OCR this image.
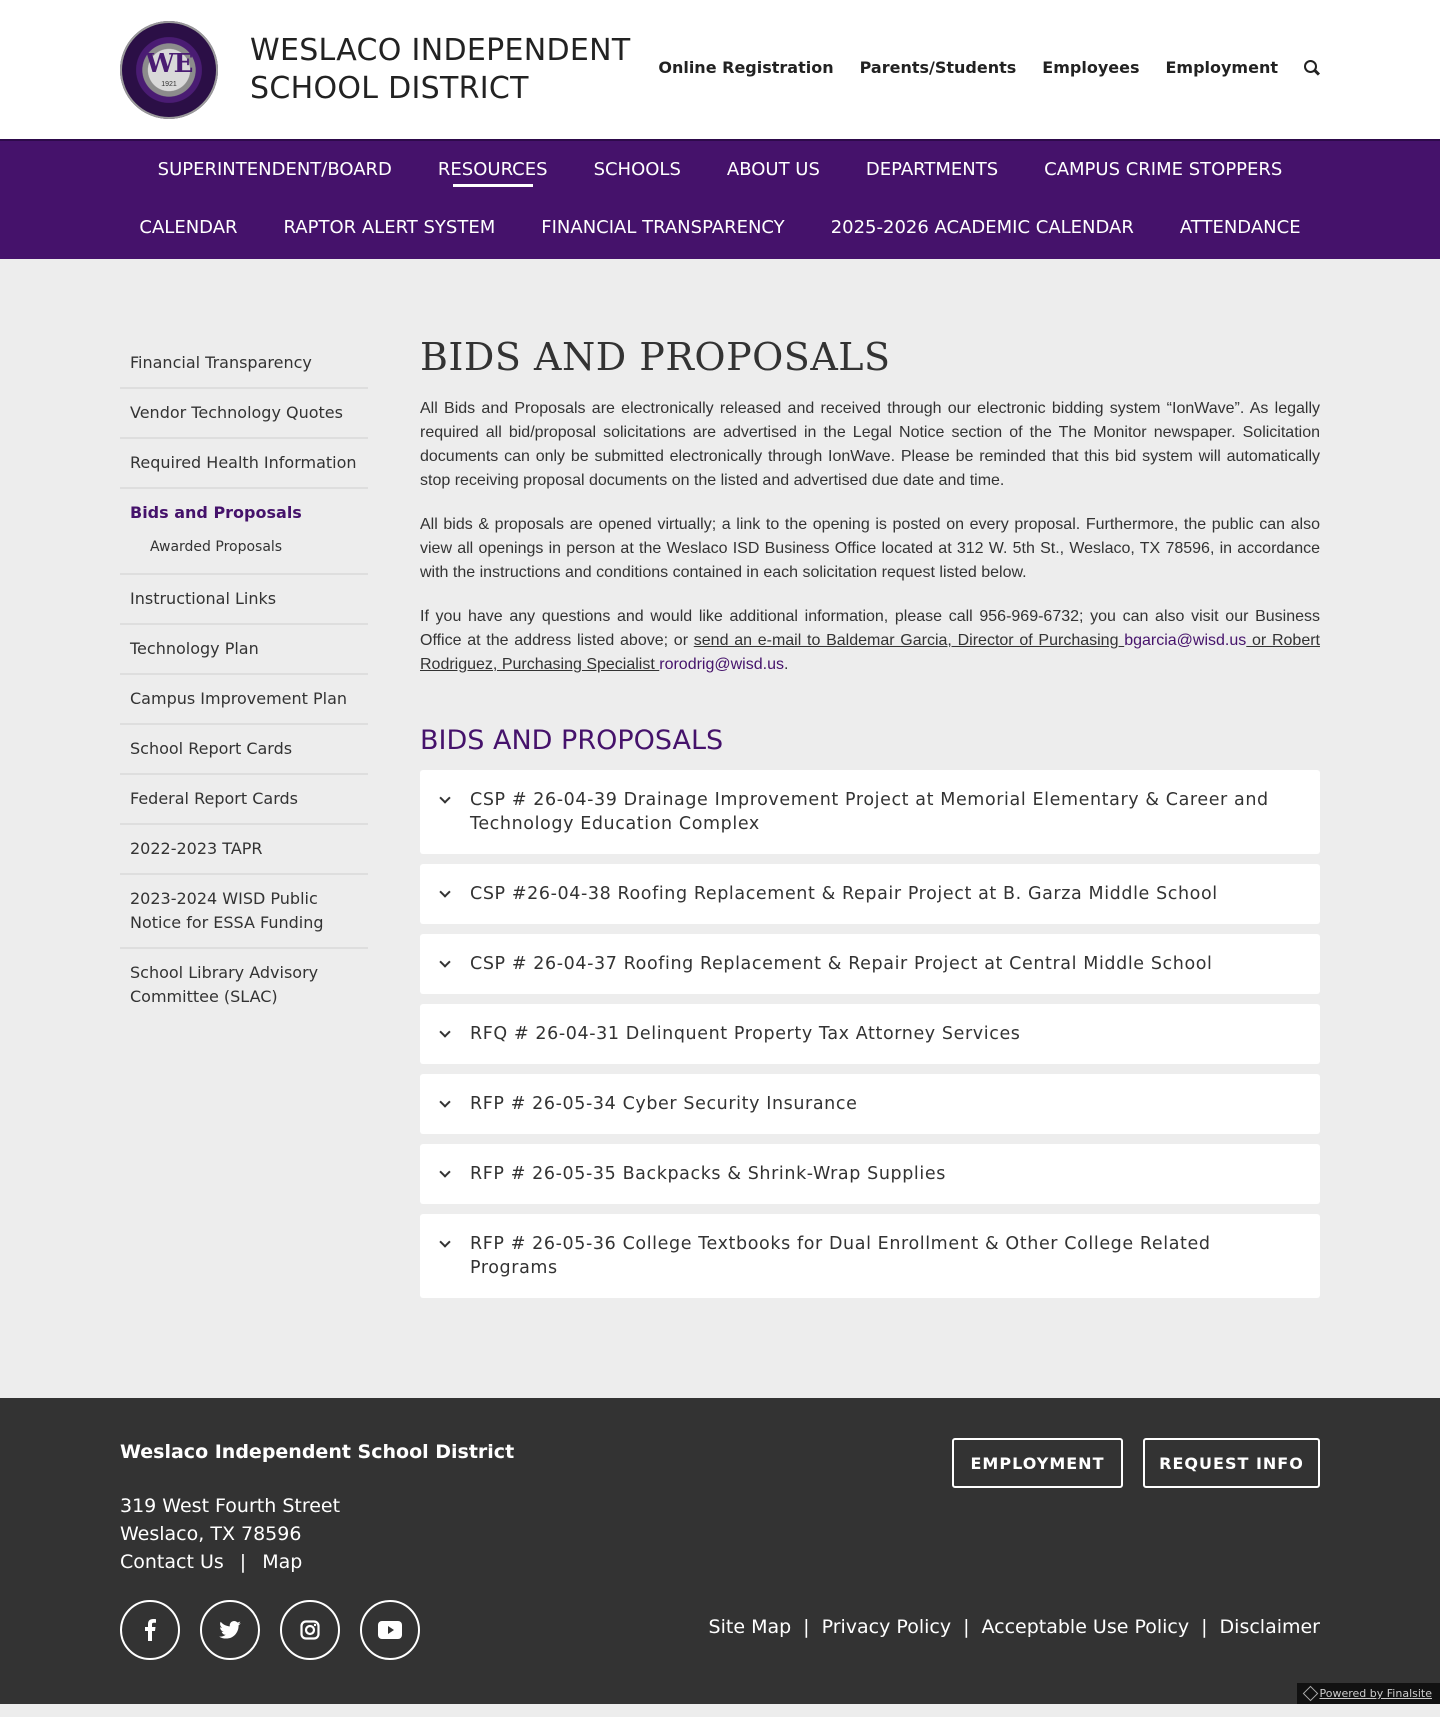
WE
1921
WESLACO INDEPENDENT
SCHOOL DISTRICT
Online Registration Parents/Students Employees Employment
SUPERINTENDENT/BOARD	RESOURCES	SCHOOLS	ABOUT US	DEPARTMENTS	CAMPUS CRIME STOPPERS
CALENDAR	RAPTOR ALERT SYSTEM	FINANCIAL TRANSPARENCY	2025-2026 ACADEMIC CALENDAR	ATTENDANCE
Financial Transparency
Vendor Technology Quotes
Required Health Information
Bids and Proposals
Awarded Proposals
Instructional Links
Technology Plan
Campus Improvement Plan
School Report Cards
Federal Report Cards
2022-2023 TAPR
2023-2024 WISD Public Notice for ESSA Funding
School Library Advisory Committee (SLAC)
BIDS AND PROPOSALS

All Bids and Proposals are electronically released and received through our electronic bidding system “IonWave”. As legally required all bid/proposal solicitations are advertised in the Legal Notice section of the The Monitor newspaper. Solicitation documents can only be submitted electronically through IonWave. Please be reminded that this bid system will automatically stop receiving proposal documents on the listed and advertised due date and time.

All bids & proposals are opened virtually; a link to the opening is posted on every proposal. Furthermore, the public can also view all openings in person at the Weslaco ISD Business Office located at 312 W. 5th St., Weslaco, TX 78596, in accordance with the instructions and conditions contained in each solicitation request listed below.

If you have any questions and would like additional information, please call 956-969-6732; you can also visit our Business Office at the address listed above; or send an e-mail to Baldemar Garcia, Director of Purchasing bgarcia@wisd.us or Robert Rodriguez, Purchasing Specialist rorodrig@wisd.us.

BIDS AND PROPOSALS
CSP # 26-04-39 Drainage Improvement Project at Memorial Elementary & Career and Technology Education Complex
CSP #26-04-38 Roofing Replacement & Repair Project at B. Garza Middle School
CSP # 26-04-37 Roofing Replacement & Repair Project at Central Middle School
RFQ # 26-04-31 Delinquent Property Tax Attorney Services
RFP # 26-05-34 Cyber Security Insurance
RFP # 26-05-35 Backpacks & Shrink-Wrap Supplies
RFP # 26-05-36 College Textbooks for Dual Enrollment & Other College Related Programs
Weslaco Independent School District
319 West Fourth Street
Weslaco, TX 78596
Contact Us | Map
EMPLOYMENT	REQUEST INFO
Site Map | Privacy Policy | Acceptable Use Policy | Disclaimer
Powered by Finalsite
